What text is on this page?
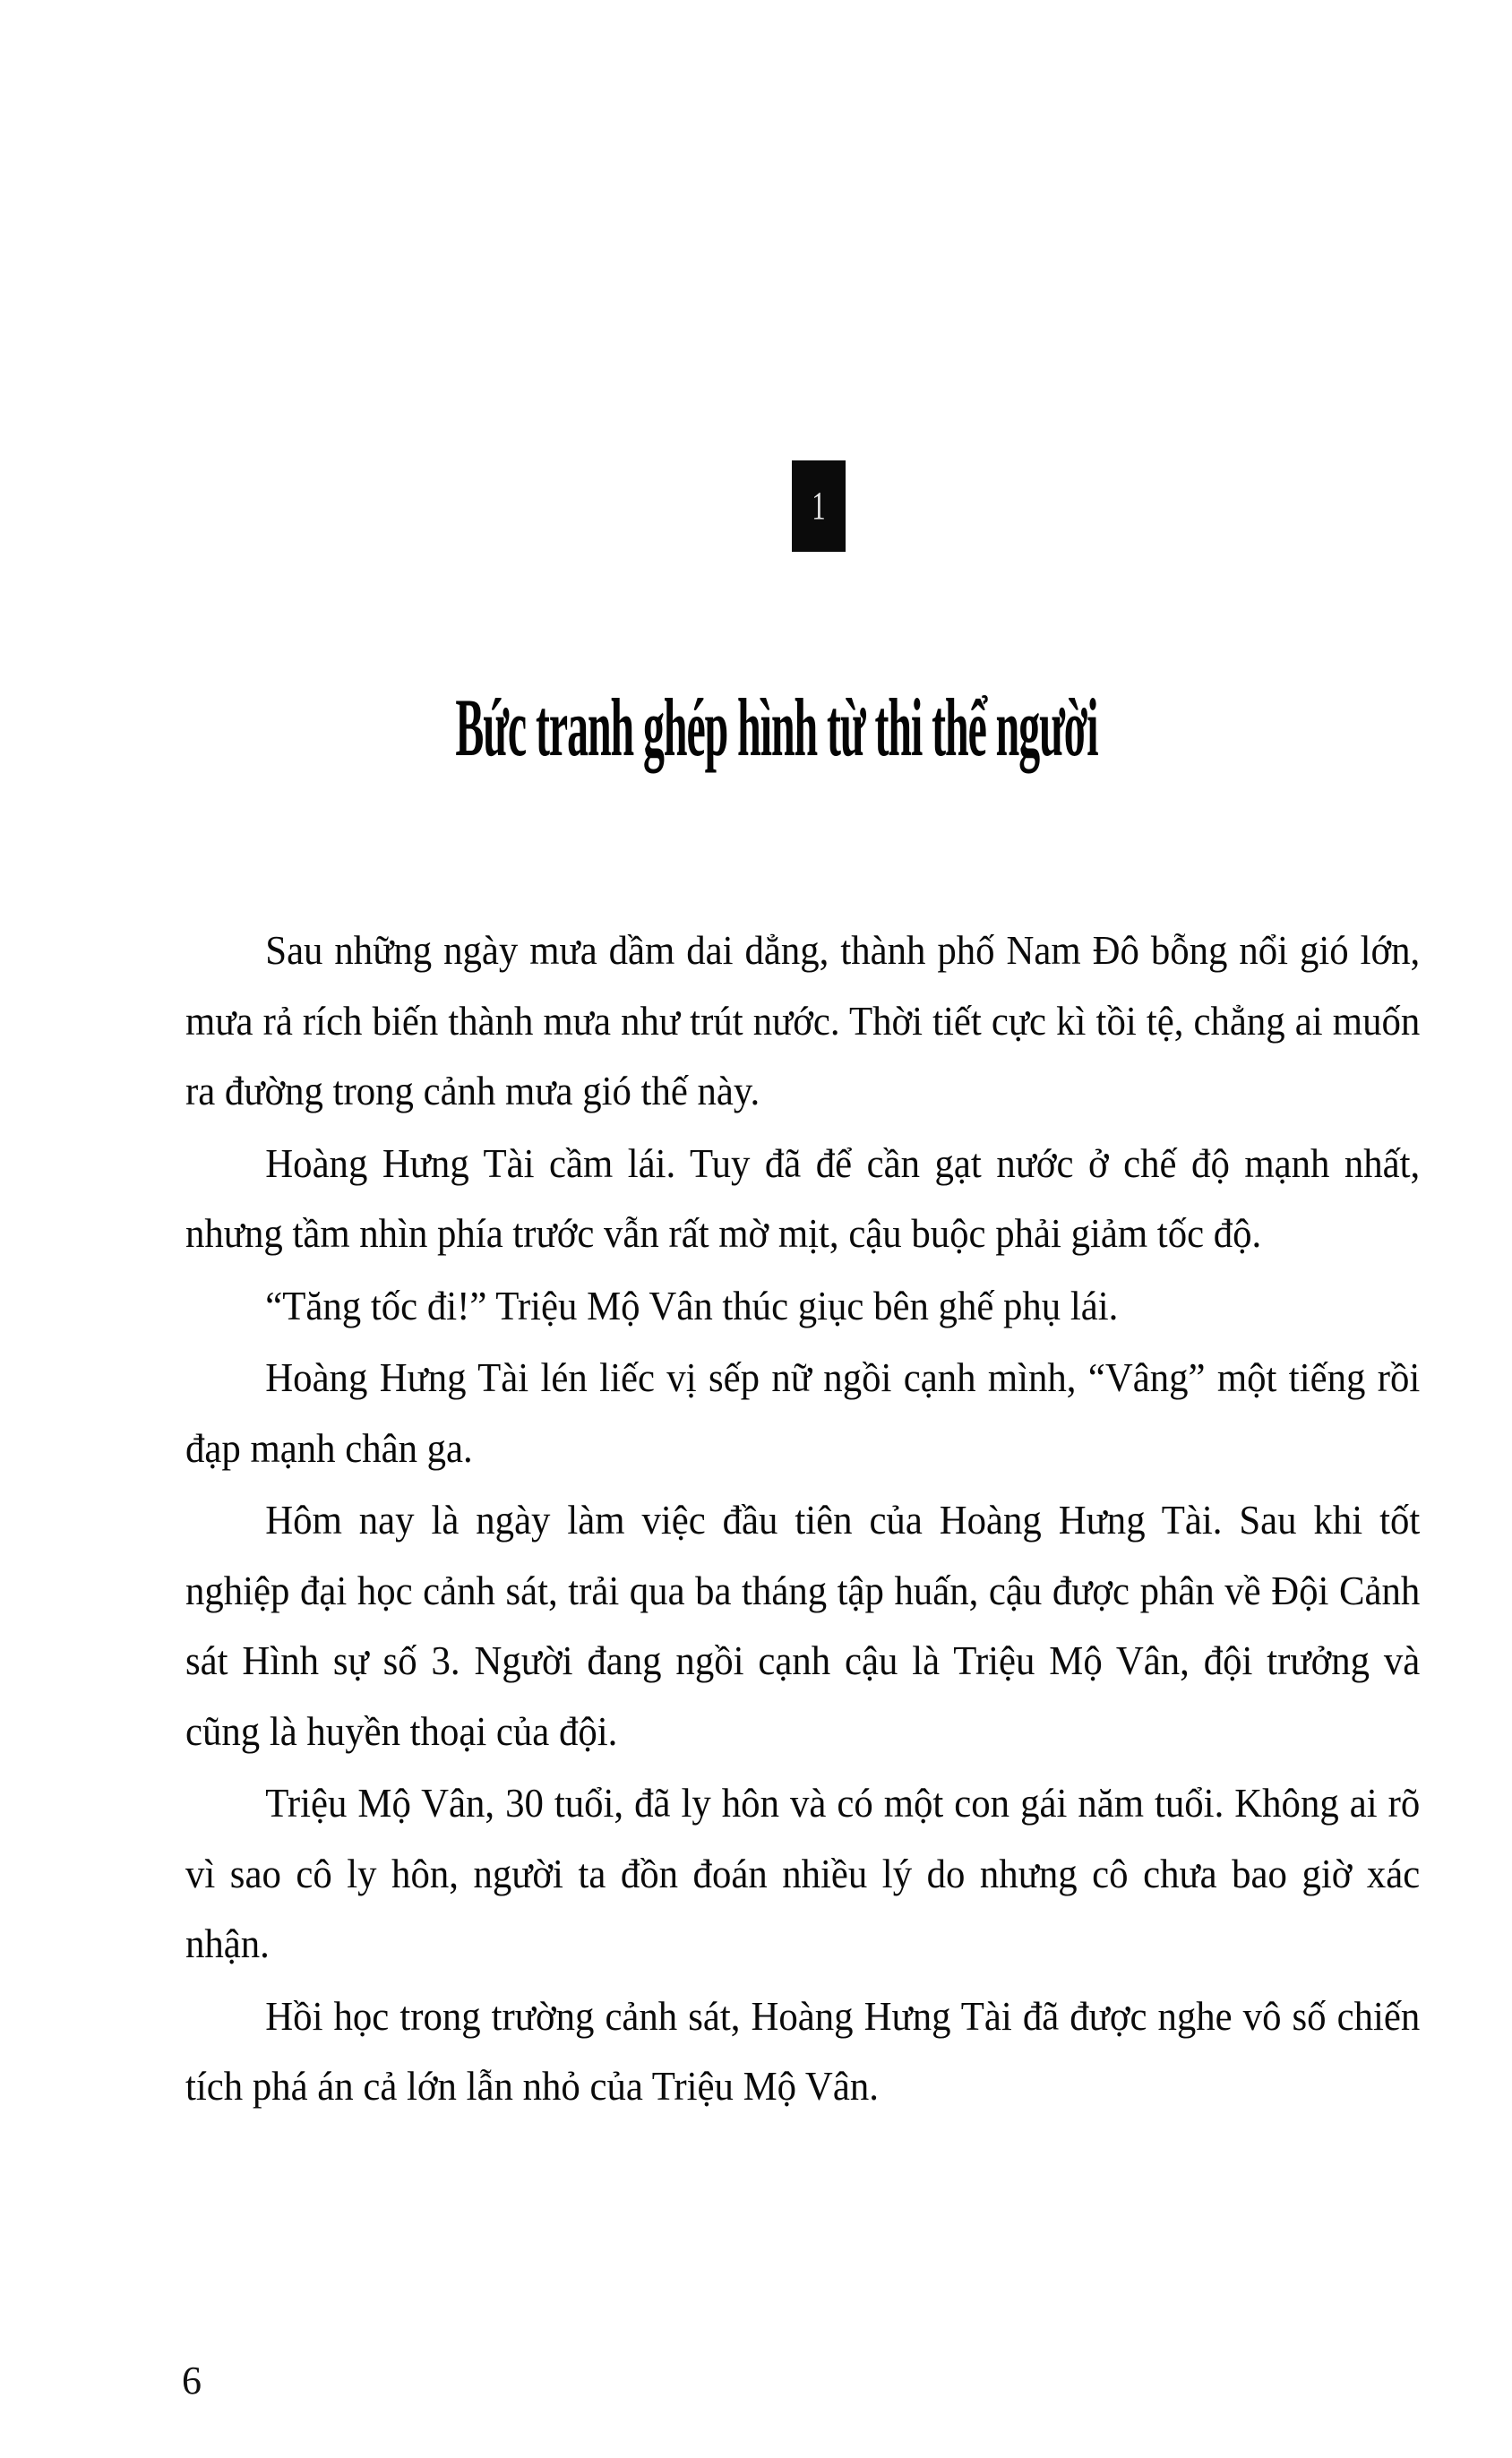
1
Bức tranh ghép hình từ thi thể người

Sau những ngày mưa dầm dai dẳng, thành phố Nam Đô bỗng nổi gió lớn, mưa rả rích biến thành mưa như trút nước. Thời tiết cực kì tồi tệ, chẳng ai muốn ra đường trong cảnh mưa gió thế này.

Hoàng Hưng Tài cầm lái. Tuy đã để cần gạt nước ở chế độ mạnh nhất, nhưng tầm nhìn phía trước vẫn rất mờ mịt, cậu buộc phải giảm tốc độ.

“Tăng tốc đi!” Triệu Mộ Vân thúc giục bên ghế phụ lái.

Hoàng Hưng Tài lén liếc vị sếp nữ ngồi cạnh mình, “Vâng” một tiếng rồi đạp mạnh chân ga.

Hôm nay là ngày làm việc đầu tiên của Hoàng Hưng Tài. Sau khi tốt nghiệp đại học cảnh sát, trải qua ba tháng tập huấn, cậu được phân về Đội Cảnh sát Hình sự số 3. Người đang ngồi cạnh cậu là Triệu Mộ Vân, đội trưởng và cũng là huyền thoại của đội.

Triệu Mộ Vân, 30 tuổi, đã ly hôn và có một con gái năm tuổi. Không ai rõ vì sao cô ly hôn, người ta đồn đoán nhiều lý do nhưng cô chưa bao giờ xác nhận.

Hồi học trong trường cảnh sát, Hoàng Hưng Tài đã được nghe vô số chiến tích phá án cả lớn lẫn nhỏ của Triệu Mộ Vân.

6
